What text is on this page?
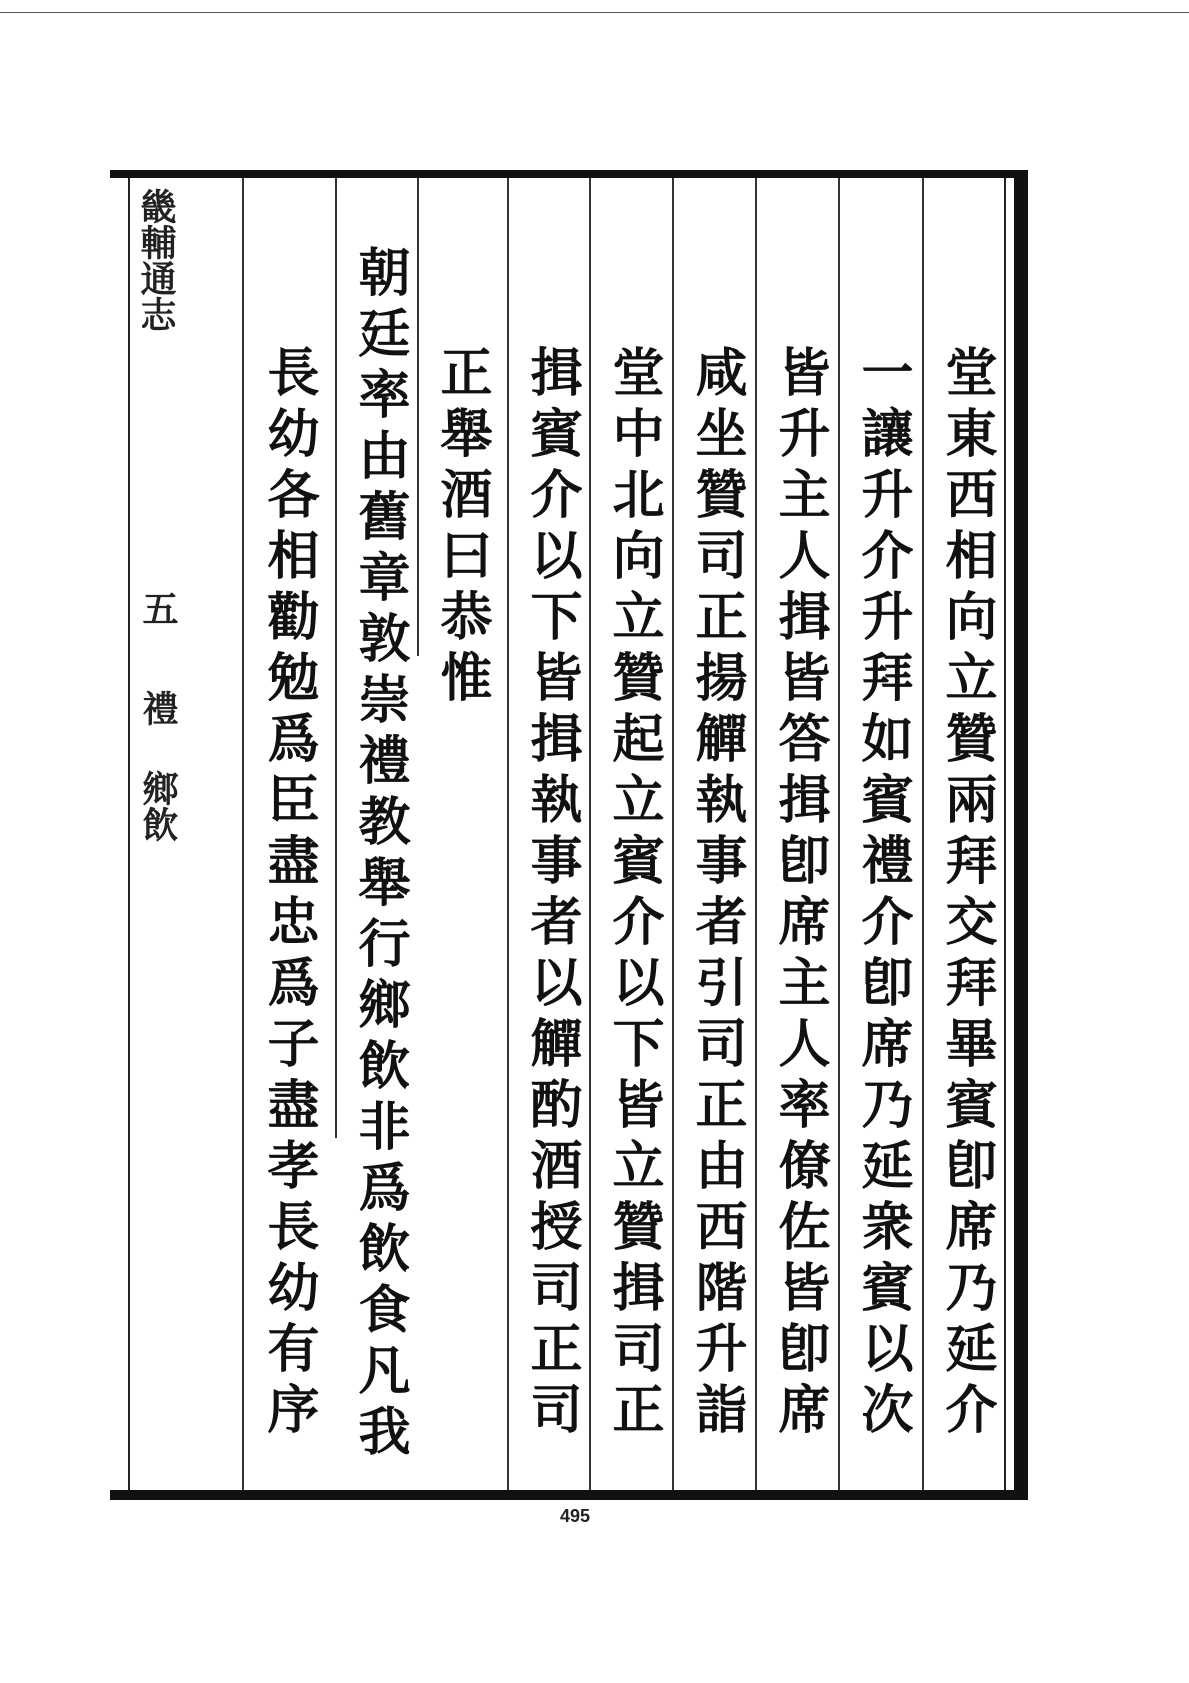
畿輔通志
五
禮
鄉飲	堂東西相向立贊兩拜交拜畢賓卽席乃延介
一讓升介升拜如賓禮介卽席乃延衆賓以次
皆升主人揖皆答揖卽席主人率僚佐皆卽席
咸坐贊司正揚觶執事者引司正由西階升詣
堂中北向立贊起立賓介以下皆立贊揖司正
揖賓介以下皆揖執事者以觶酌酒授司正司
正舉酒曰恭惟
朝廷率由舊章敦崇禮教舉行鄉飲非爲飲食凡我
長幼各相勸勉爲臣盡忠爲子盡孝長幼有序
495
